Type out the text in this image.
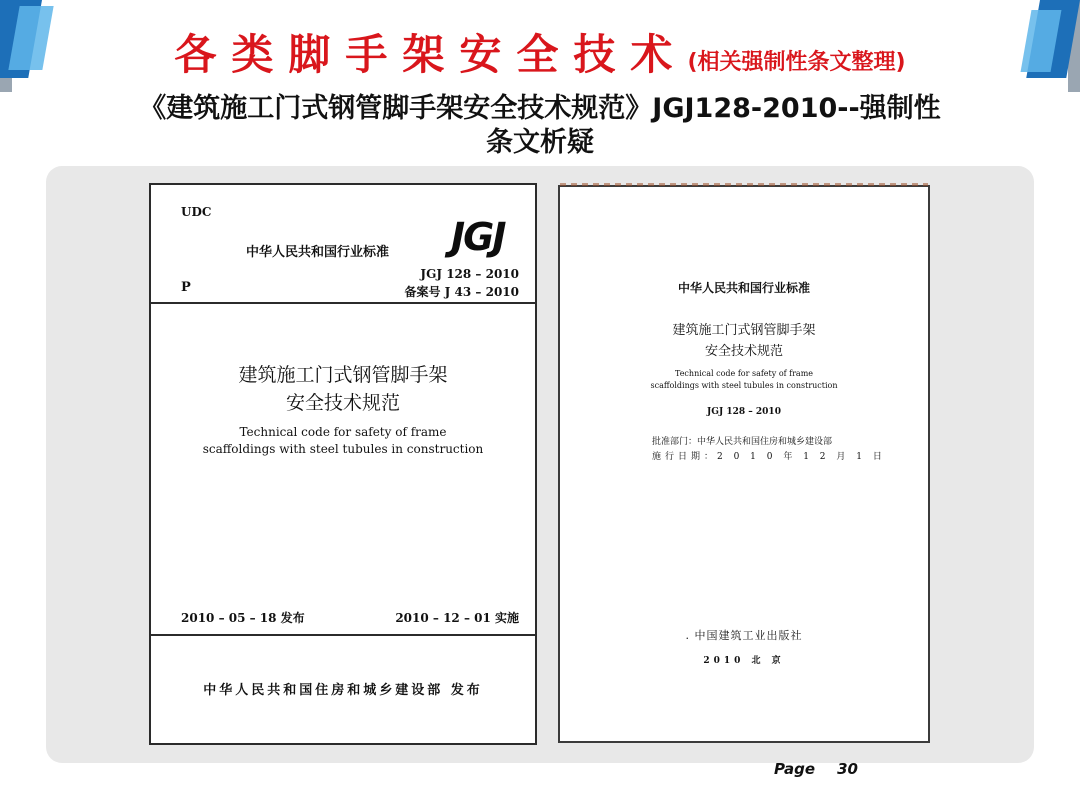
各类脚手架安全技术(相关强制性条文整理)
《建筑施工门式钢管脚手架安全技术规范》JGJ128-2010--强制性
条文析疑
UDC
中华人民共和国行业标准 JGJ
JGJ 128 – 2010
备案号 J 43 – 2010
P
建筑施工门式钢管脚手架
安全技术规范
Technical code for safety of frame
scaffoldings with steel tubules in construction
2010 – 05 – 18 发布	2010 – 12 – 01 实施
中华人民共和国住房和城乡建设部 发布
中华人民共和国行业标准
建筑施工门式钢管脚手架
安全技术规范
Technical code for safety of frame
scaffoldings with steel tubules in construction
JGJ 128 – 2010
批准部门：中华人民共和国住房和城乡建设部
施行日期：2 0 1 0 年 1 2 月 1 日
. 中国建筑工业出版社
2010 北 京
Page 30
